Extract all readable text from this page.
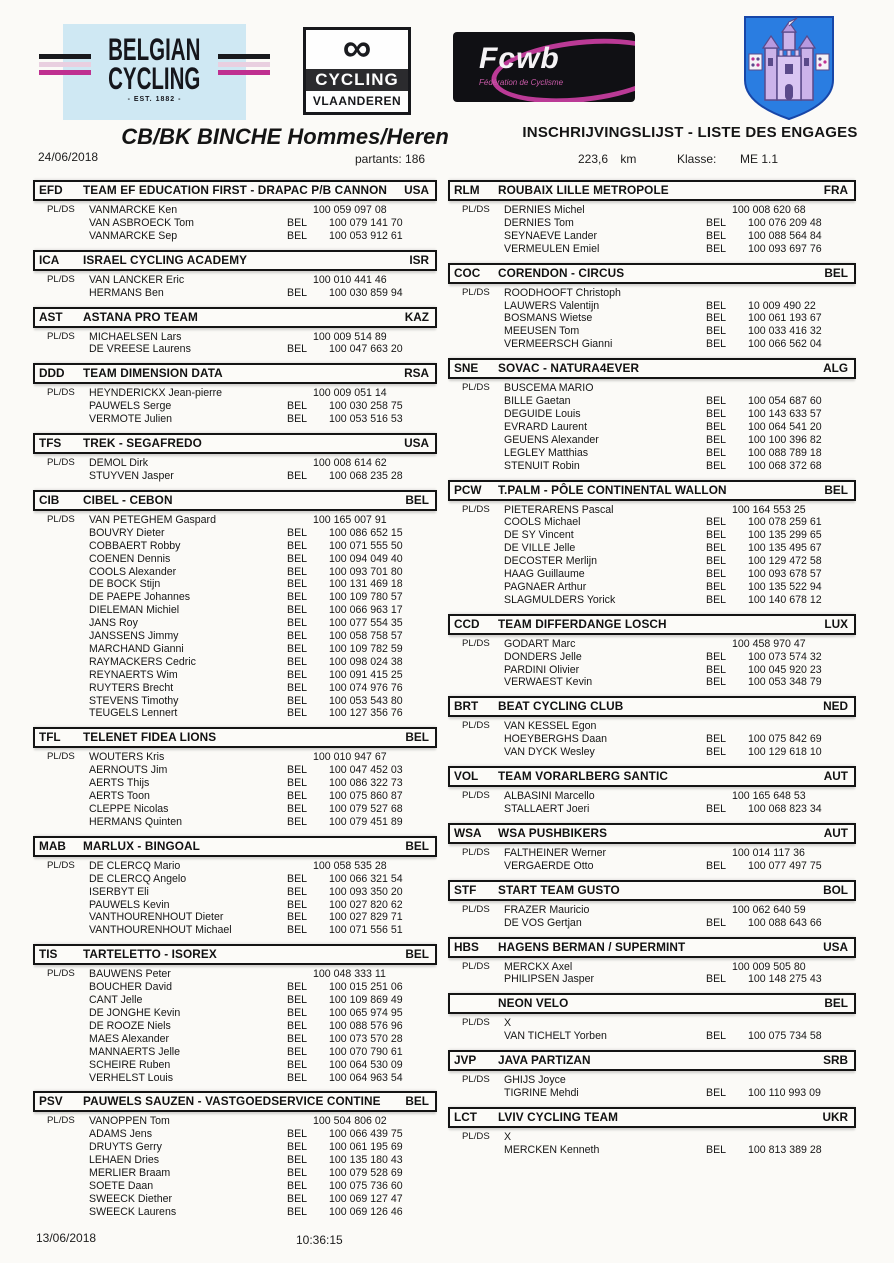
BELGIAN
CYCLING
- EST. 1882 -
∞
CYCLING
VLAANDEREN
Fcwb
Fédération de Cyclisme
CB/BK BINCHE Hommes/Heren	INSCHRIJVINGSLIJST - LISTE DES ENGAGES
24/06/2018	partants: 186	223,6 km	Klasse: ME 1.1
EFD	TEAM EF EDUCATION FIRST - DRAPAC P/B CANNON	USA
PL/DS	VANMARCKE Ken	100 059 097 08
VAN ASBROECK Tom	BEL	100 079 141 70
VANMARCKE Sep	BEL	100 053 912 61
ICA	ISRAEL CYCLING ACADEMY	ISR
PL/DS	VAN LANCKER Eric	100 010 441 46
HERMANS Ben	BEL	100 030 859 94
AST	ASTANA PRO TEAM	KAZ
PL/DS	MICHAELSEN Lars	100 009 514 89
DE VREESE Laurens	BEL	100 047 663 20
DDD	TEAM DIMENSION DATA	RSA
PL/DS	HEYNDERICKX Jean-pierre	100 009 051 14
PAUWELS Serge	BEL	100 030 258 75
VERMOTE Julien	BEL	100 053 516 53
TFS	TREK - SEGAFREDO	USA
PL/DS	DEMOL Dirk	100 008 614 62
STUYVEN Jasper	BEL	100 068 235 28
CIB	CIBEL - CEBON	BEL
PL/DS	VAN PETEGHEM Gaspard	100 165 007 91
BOUVRY Dieter	BEL	100 086 652 15
COBBAERT Robby	BEL	100 071 555 50
COENEN Dennis	BEL	100 094 049 40
COOLS Alexander	BEL	100 093 701 80
DE BOCK Stijn	BEL	100 131 469 18
DE PAEPE Johannes	BEL	100 109 780 57
DIELEMAN Michiel	BEL	100 066 963 17
JANS Roy	BEL	100 077 554 35
JANSSENS Jimmy	BEL	100 058 758 57
MARCHAND Gianni	BEL	100 109 782 59
RAYMACKERS Cedric	BEL	100 098 024 38
REYNAERTS Wim	BEL	100 091 415 25
RUYTERS Brecht	BEL	100 074 976 76
STEVENS Timothy	BEL	100 053 543 80
TEUGELS Lennert	BEL	100 127 356 76
TFL	TELENET FIDEA LIONS	BEL
PL/DS	WOUTERS Kris	100 010 947 67
AERNOUTS Jim	BEL	100 047 452 03
AERTS Thijs	BEL	100 086 322 73
AERTS Toon	BEL	100 075 860 87
CLEPPE Nicolas	BEL	100 079 527 68
HERMANS Quinten	BEL	100 079 451 89
MAB	MARLUX - BINGOAL	BEL
PL/DS	DE CLERCQ Mario	100 058 535 28
DE CLERCQ Angelo	BEL	100 066 321 54
ISERBYT Eli	BEL	100 093 350 20
PAUWELS Kevin	BEL	100 027 820 62
VANTHOURENHOUT Dieter	BEL	100 027 829 71
VANTHOURENHOUT Michael	BEL	100 071 556 51
TIS	TARTELETTO - ISOREX	BEL
PL/DS	BAUWENS Peter	100 048 333 11
BOUCHER David	BEL	100 015 251 06
CANT Jelle	BEL	100 109 869 49
DE JONGHE Kevin	BEL	100 065 974 95
DE ROOZE Niels	BEL	100 088 576 96
MAES Alexander	BEL	100 073 570 28
MANNAERTS Jelle	BEL	100 070 790 61
SCHEIRE Ruben	BEL	100 064 530 09
VERHELST Louis	BEL	100 064 963 54
PSV	PAUWELS SAUZEN - VASTGOEDSERVICE CONTINE	BEL
PL/DS	VANOPPEN Tom	100 504 806 02
ADAMS Jens	BEL	100 066 439 75
DRUYTS Gerry	BEL	100 061 195 69
LEHAEN Dries	BEL	100 135 180 43
MERLIER Braam	BEL	100 079 528 69
SOETE Daan	BEL	100 075 736 60
SWEECK Diether	BEL	100 069 127 47
SWEECK Laurens	BEL	100 069 126 46
RLM	ROUBAIX LILLE METROPOLE	FRA
PL/DS	DERNIES Michel	100 008 620 68
DERNIES Tom	BEL	100 076 209 48
SEYNAEVE Lander	BEL	100 088 564 84
VERMEULEN Emiel	BEL	100 093 697 76
COC	CORENDON - CIRCUS	BEL
PL/DS	ROODHOOFT Christoph
LAUWERS Valentijn	BEL	10 009 490 22
BOSMANS Wietse	BEL	100 061 193 67
MEEUSEN Tom	BEL	100 033 416 32
VERMEERSCH Gianni	BEL	100 066 562 04
SNE	SOVAC - NATURA4EVER	ALG
PL/DS	BUSCEMA MARIO
BILLE Gaetan	BEL	100 054 687 60
DEGUIDE Louis	BEL	100 143 633 57
EVRARD Laurent	BEL	100 064 541 20
GEUENS Alexander	BEL	100 100 396 82
LEGLEY Matthias	BEL	100 088 789 18
STENUIT Robin	BEL	100 068 372 68
PCW	T.PALM - PÔLE CONTINENTAL WALLON	BEL
PL/DS	PIETERARENS Pascal	100 164 553 25
COOLS Michael	BEL	100 078 259 61
DE SY Vincent	BEL	100 135 299 65
DE VILLE Jelle	BEL	100 135 495 67
DECOSTER Merlijn	BEL	100 129 472 58
HAAG Guillaume	BEL	100 093 678 57
PAGNAER Arthur	BEL	100 135 522 94
SLAGMULDERS Yorick	BEL	100 140 678 12
CCD	TEAM DIFFERDANGE LOSCH	LUX
PL/DS	GODART Marc	100 458 970 47
DONDERS Jelle	BEL	100 073 574 32
PARDINI Olivier	BEL	100 045 920 23
VERWAEST Kevin	BEL	100 053 348 79
BRT	BEAT CYCLING CLUB	NED
PL/DS	VAN KESSEL Egon
HOEYBERGHS Daan	BEL	100 075 842 69
VAN DYCK Wesley	BEL	100 129 618 10
VOL	TEAM VORARLBERG SANTIC	AUT
PL/DS	ALBASINI Marcello	100 165 648 53
STALLAERT Joeri	BEL	100 068 823 34
WSA	WSA PUSHBIKERS	AUT
PL/DS	FALTHEINER Werner	100 014 117 36
VERGAERDE Otto	BEL	100 077 497 75
STF	START TEAM GUSTO	BOL
PL/DS	FRAZER Mauricio	100 062 640 59
DE VOS Gertjan	BEL	100 088 643 66
HBS	HAGENS BERMAN / SUPERMINT	USA
PL/DS	MERCKX Axel	100 009 505 80
PHILIPSEN Jasper	BEL	100 148 275 43
NEON VELO	BEL
PL/DS	X
VAN TICHELT Yorben	BEL	100 075 734 58
JVP	JAVA PARTIZAN	SRB
PL/DS	GHIJS Joyce
TIGRINE Mehdi	BEL	100 110 993 09
LCT	LVIV CYCLING TEAM	UKR
PL/DS	X
MERCKEN Kenneth	BEL	100 813 389 28
13/06/2018	10:36:15
